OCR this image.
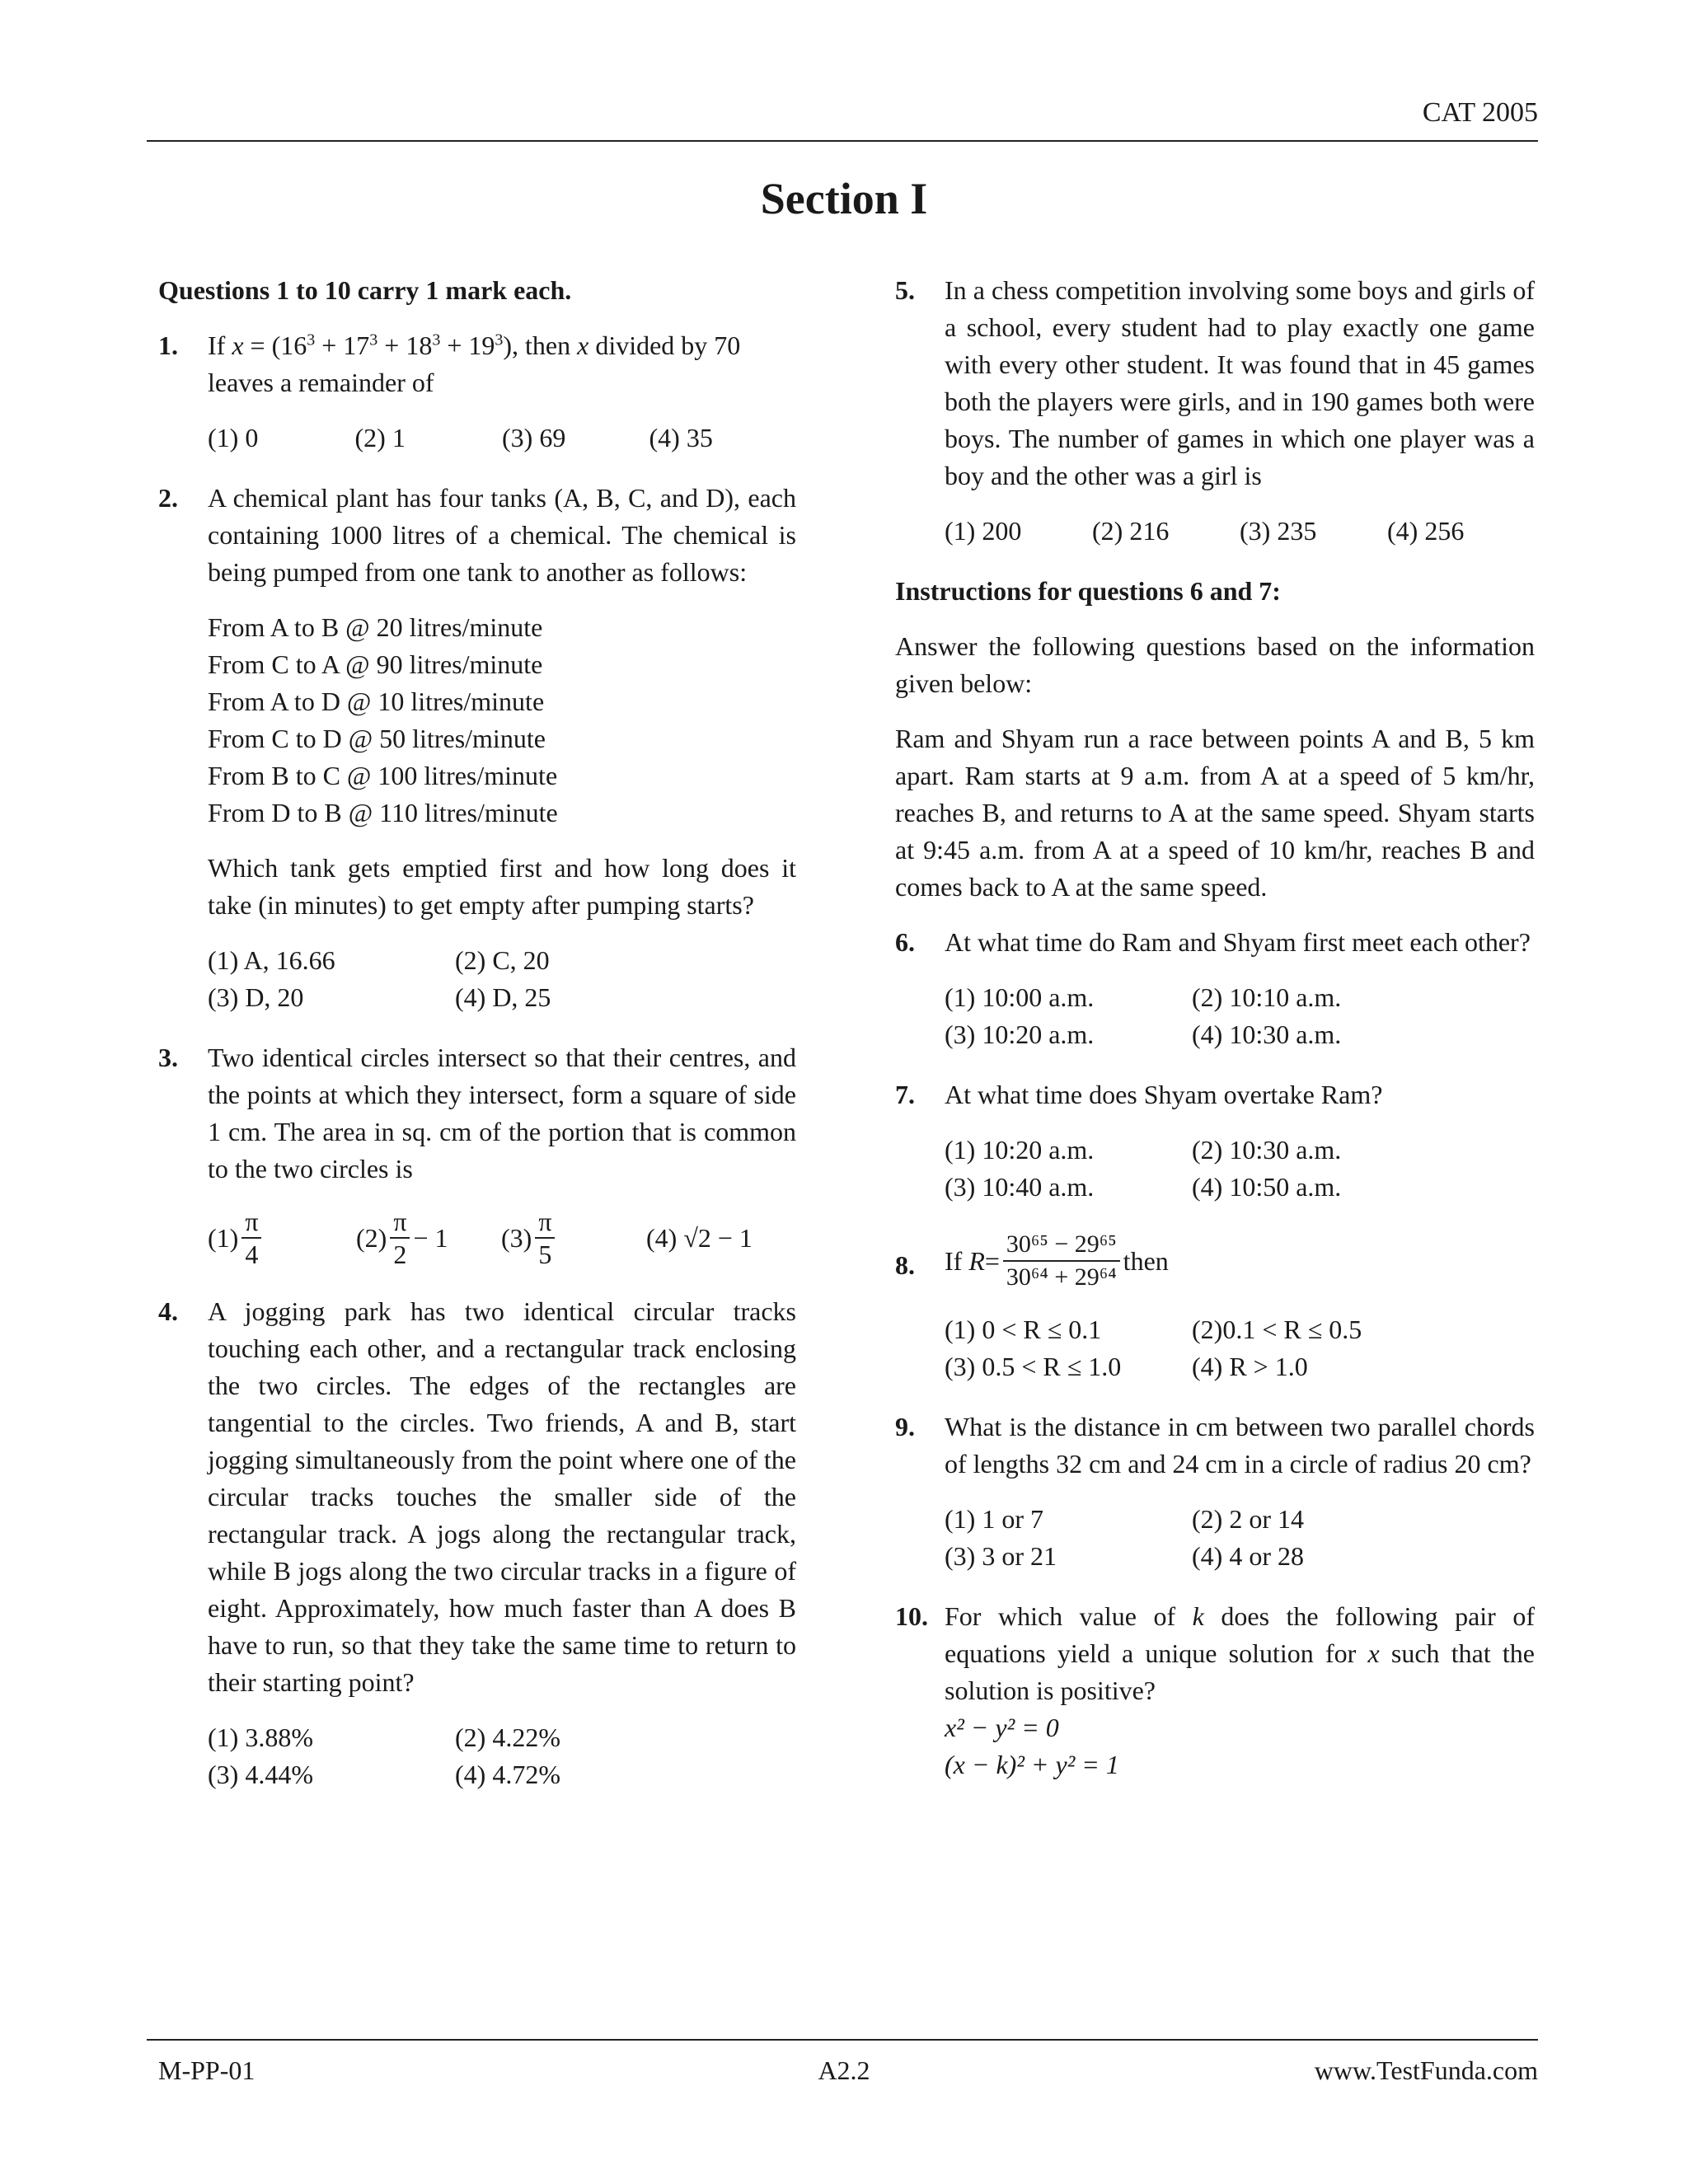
CAT 2005
Section I

Questions 1 to 10 carry 1 mark each.

1. If $x = (16^3 + 17^3 + 18^3 + 19^3)$, then x divided by 70 leaves a remainder of

(1) 0	(2) 1	(3) 69	(4) 35
2. A chemical plant has four tanks (A, B, C, and D), each containing 1000 litres of a chemical. The chemical is being pumped from one tank to another as follows:

From A to B @ 20 litres/minute
From C to A @ 90 litres/minute
From A to D @ 10 litres/minute
From C to D @ 50 litres/minute
From B to C @ 100 litres/minute
From D to B @ 110 litres/minute

Which tank gets emptied first and how long does it take (in minutes) to get empty after pumping starts?

(1) A, 16.66	(2) C, 20
(3) D, 20	(4) D, 25
3. Two identical circles intersect so that their centres, and the points at which they intersect, form a square of side 1 cm. The area in sq. cm of the portion that is common to the two circles is

$(1) \frac{\pi}{4}$	$(2) \frac{\pi}{2} - 1$ $(3) \frac{\pi}{5}$	(4) √2 − 1
4. A jogging park has two identical circular tracks touching each other, and a rectangular track enclosing the two circles. The edges of the rectangles are tangential to the circles. Two friends, A and B, start jogging simultaneously from the point where one of the circular tracks touches the smaller side of the rectangular track. A jogs along the rectangular track, while B jogs along the two circular tracks in a figure of eight. Approximately, how much faster than A does B have to run, so that they take the same time to return to their starting point?

(1) 3.88%	(2) 4.22%
(3) 4.44%	(4) 4.72%
5. In a chess competition involving some boys and girls of a school, every student had to play exactly one game with every other student. It was found that in 45 games both the players were girls, and in 190 games both were boys. The number of games in which one player was a boy and the other was a girl is

(1) 200	(2) 216	(3) 235	(4) 256

Instructions for questions 6 and 7:

Answer the following questions based on the information given below:

Ram and Shyam run a race between points A and B, 5 km apart. Ram starts at 9 a.m. from A at a speed of 5 km/hr, reaches B, and returns to A at the same speed. Shyam starts at 9:45 a.m. from A at a speed of 10 km/hr, reaches B and comes back to A at the same speed.

6. At what time do Ram and Shyam first meet each other?

(1) 10:00 a.m.	(2) 10:10 a.m.
(3) 10:20 a.m.	(4) 10:30 a.m.
7. At what time does Shyam overtake Ram?

(1) 10:20 a.m.	(2) 10:30 a.m.
(3) 10:40 a.m.	(4) 10:50 a.m.
8. If
$R = \frac{\text{30⁶⁵ − 29⁶⁵}}{\text{30⁶⁴ + 29⁶⁴}}$ then

(1) 0 < R ≤ 0.1	(2)0.1 < R ≤ 0.5
(3) 0.5 < R ≤ 1.0	(4) R > 1.0
9. What is the distance in cm between two parallel chords of lengths 32 cm and 24 cm in a circle of radius 20 cm?

(1) 1 or 7	(2) 2 or 14
(3) 3 or 21	(4) 4 or 28
10. For which value of k does the following pair of equations yield a unique solution for x such that the solution is positive?
x² − y² = 0
(x − k)² + y² = 1
M-PP-01	A2.2	www.TestFunda.com
